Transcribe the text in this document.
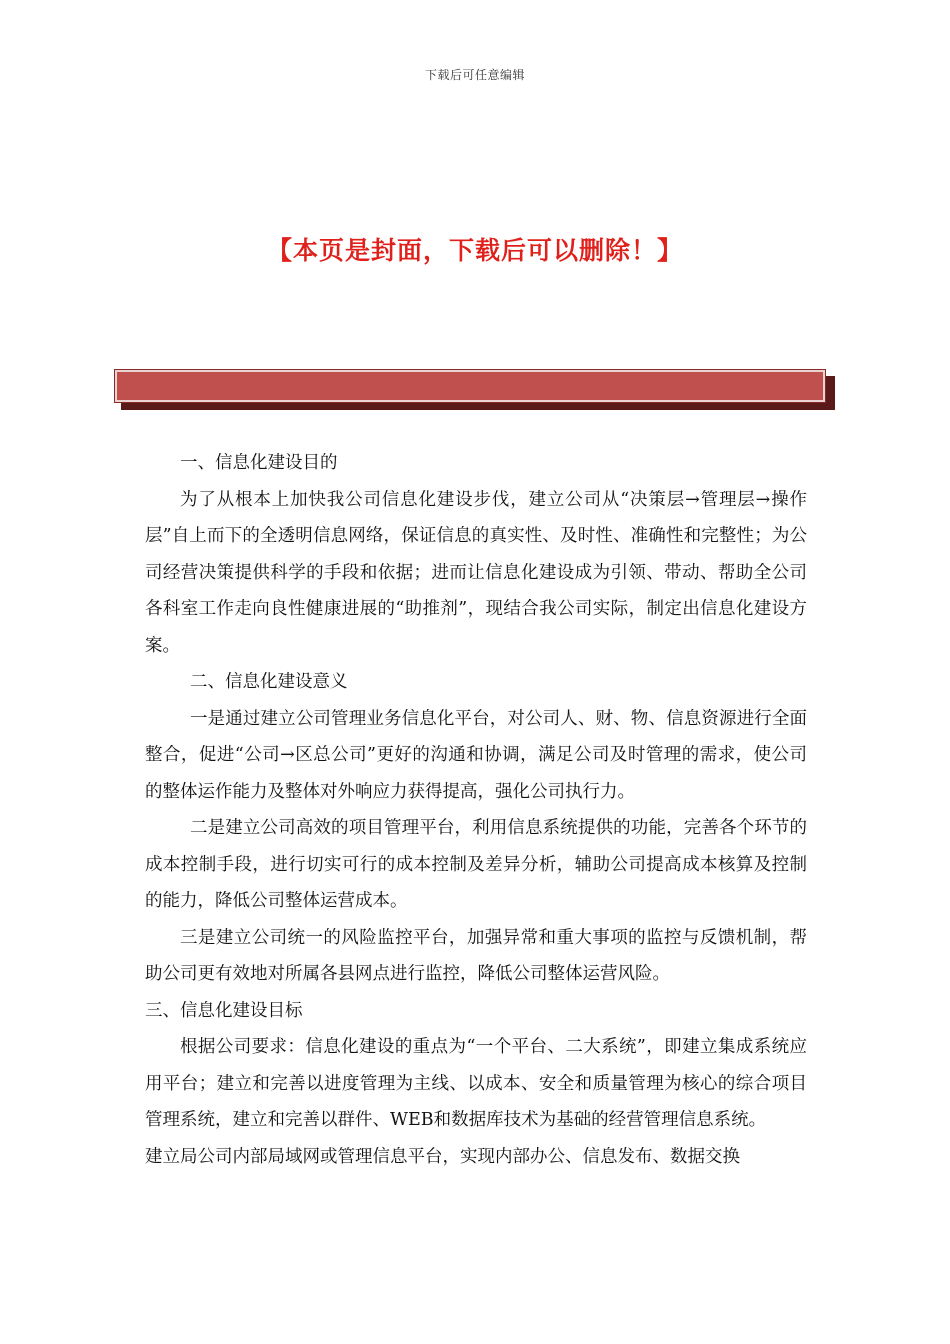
下载后可任意编辑
【本页是封面，下载后可以删除！】

一、信息化建设目的

为了从根本上加快我公司信息化建设步伐，建立公司从“决策层→管理层→操作层”自上而下的全透明信息网络，保证信息的真实性、及时性、准确性和完整性；为公司经营决策提供科学的手段和依据；进而让信息化建设成为引领、带动、帮助全公司各科室工作走向良性健康进展的“助推剂”，现结合我公司实际，制定出信息化建设方案。

二、信息化建设意义

一是通过建立公司管理业务信息化平台，对公司人、财、物、信息资源进行全面整合，促进“公司→区总公司”更好的沟通和协调，满足公司及时管理的需求，使公司的整体运作能力及整体对外响应力获得提高，强化公司执行力。

二是建立公司高效的项目管理平台，利用信息系统提供的功能，完善各个环节的成本控制手段，进行切实可行的成本控制及差异分析，辅助公司提高成本核算及控制的能力，降低公司整体运营成本。

三是建立公司统一的风险监控平台，加强异常和重大事项的监控与反馈机制，帮助公司更有效地对所属各县网点进行监控，降低公司整体运营风险。

三、信息化建设目标

根据公司要求：信息化建设的重点为“一个平台、二大系统”，即建立集成系统应用平台；建立和完善以进度管理为主线、以成本、安全和质量管理为核心的综合项目管理系统，建立和完善以群件、WEB和数据库技术为基础的经营管理信息系统。

建立局公司内部局域网或管理信息平台，实现内部办公、信息发布、数据交换
